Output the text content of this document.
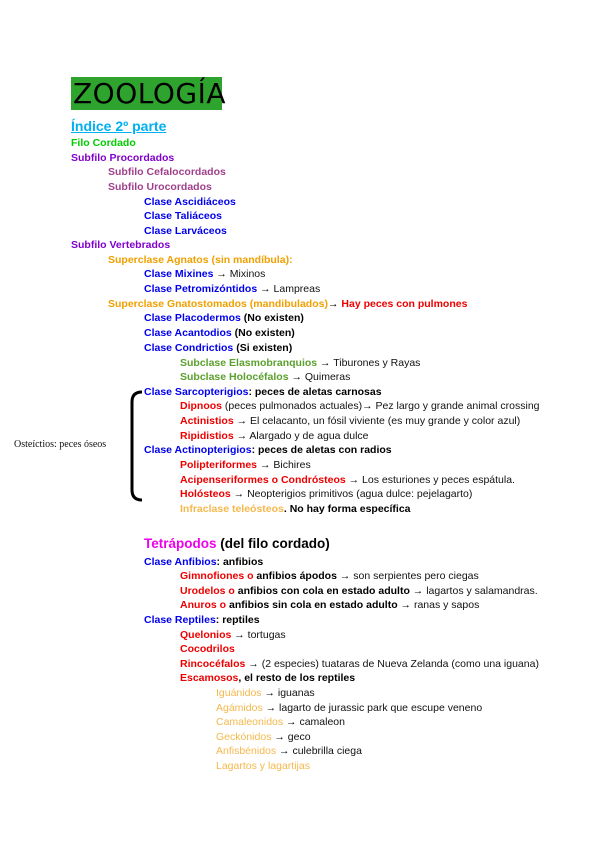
ZOOLOGÍA
Índice 2º parte
Filo Cordado
Subfilo Procordados
Subfilo Cefalocordados
Subfilo Urocordados
Clase Ascidiáceos
Clase Taliáceos
Clase Larváceos
Subfilo Vertebrados
Superclase Agnatos (sin mandíbula):
Clase Mixines → Mixinos
Clase Petromizóntidos → Lampreas
Superclase Gnatostomados (mandibulados)→ Hay peces con pulmones
Clase Placodermos (No existen)
Clase Acantodios (No existen)
Clase Condrictios (Si existen)
Subclase Elasmobranquios → Tiburones y Rayas
Subclase Holocéfalos → Quimeras
Osteíctios: peces óseos
Clase Sarcopterigios: peces de aletas carnosas
Dipnoos (peces pulmonados actuales)→ Pez largo y grande animal crossing
Actinistios → El celacanto, un fósil viviente (es muy grande y color azul)
Ripidistios → Alargado y de agua dulce
Clase Actinopterigios: peces de aletas con radios
Polipteriformes → Bichires
Acipenseriformes o Condrósteos → Los esturiones y peces espátula.
Holósteos → Neopterigios primitivos (agua dulce: pejelagarto)
Infraclase teleósteos. No hay forma específica
Tetrápodos (del filo cordado)
Clase Anfibios: anfibios
Gimnofiones o anfibios ápodos → son serpientes pero ciegas
Urodelos o anfibios con cola en estado adulto → lagartos y salamandras.
Anuros o anfibios sin cola en estado adulto → ranas y sapos
Clase Reptiles: reptiles
Quelonios → tortugas
Cocodrilos
Rincocéfalos → (2 especies) tuataras de Nueva Zelanda (como una iguana)
Escamosos, el resto de los reptiles
Iguánidos → iguanas
Agámidos → lagarto de jurassic park que escupe veneno
Camaleonidos → camaleon
Geckónidos → geco
Anfisbénidos → culebrilla ciega
Lagartos y lagartijas
